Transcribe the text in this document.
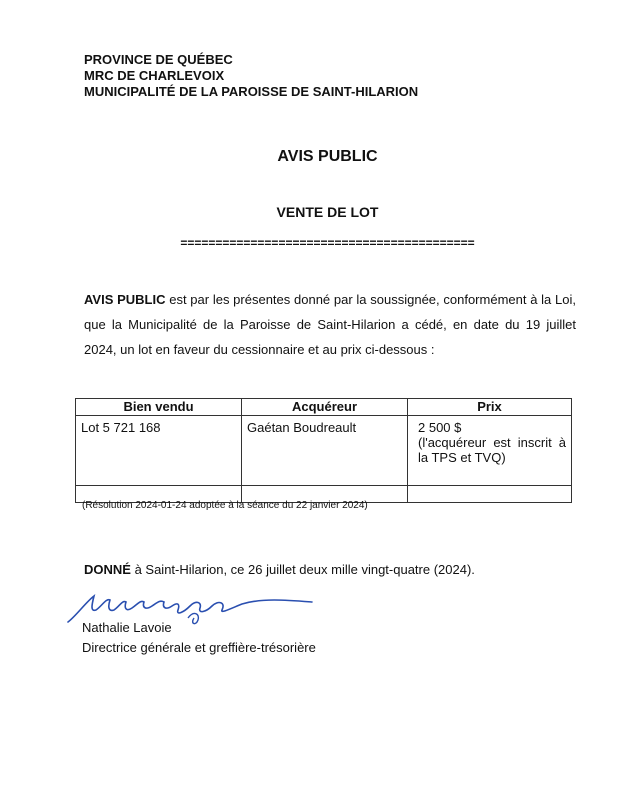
PROVINCE DE QUÉBEC
MRC DE CHARLEVOIX
MUNICIPALITÉ DE LA PAROISSE DE SAINT-HILARION
AVIS PUBLIC
VENTE DE LOT
==========================================
AVIS PUBLIC est par les présentes donné par la soussignée, conformément à la Loi, que la Municipalité de la Paroisse de Saint-Hilarion a cédé, en date du 19 juillet 2024, un lot en faveur du cessionnaire et au prix ci-dessous :
Bien vendu	Acquéreur	Prix
Lot 5 721 168	Gaétan Boudreault	2 500 $
(l'acquéreur est inscrit à la TPS et TVQ)

(Résolution 2024-01-24 adoptée à la séance du 22 janvier 2024)
DONNÉ à Saint-Hilarion, ce 26 juillet deux mille vingt-quatre (2024).
Nathalie Lavoie
Directrice générale et greffière-trésorière
